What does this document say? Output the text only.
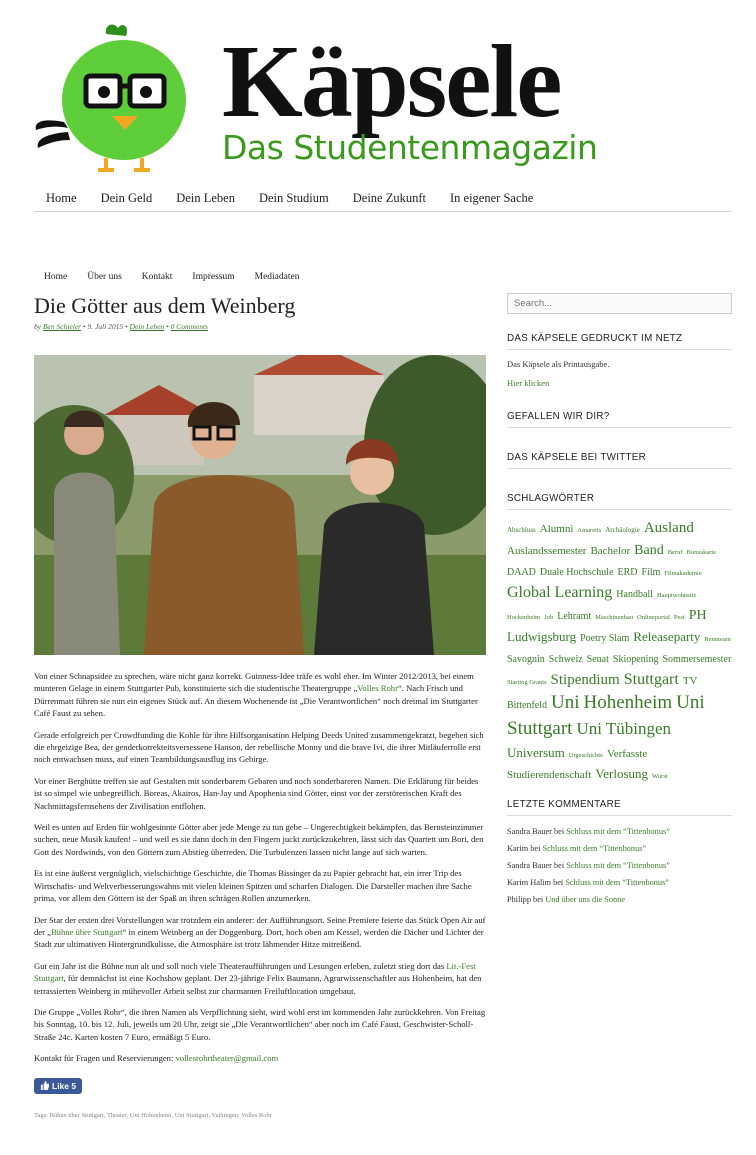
Käpsele
Das Studentenmagazin
Home	Dein Geld	Dein Leben	Dein Studium	Deine Zukunft	In eigener Sache
Home	Über uns	Kontakt	Impressum	Mediadaten
Die Götter aus dem Weinberg
by Ben Schieler • 9. Juli 2015 • Dein Leben • 0 Comments

Von einer Schnapsidee zu sprechen, wäre nicht ganz korrekt. Guinness-Idee träfe es wohl eher. Im Winter 2012/2013, bei einem munteren Gelage in einem Stuttgarter Pub, konstituierte sich die studentische Theatergruppe „Volles Rohr“. Nach Frisch und Dürrenmatt führen sie nun ein eigenes Stück auf. An diesem Wochenende ist „Die Verantwortlichen“ noch dreimal im Stuttgarter Café Faust zu sehen.

Gerade erfolgreich per Crowdfunding die Kohle für ihre Hilfsorganisation Helping Deeds United zusammengekratzt, begeben sich die ehrgeizige Bea, der genderkorrekteitsversessene Hanson, der rebellische Monny und die brave Ivi, die ihrer Mitläuferrolle erst noch entwachsen muss, auf einen Teambildungsausflug ins Gebirge.

Vor einer Berghütte treffen sie auf Gestalten mit sonderbarem Gebaren und noch sonderbareren Namen. Die Erklärung für beides ist so simpel wie unbegreiflich. Boreas, Akairos, Han-Jay und Apophenia sind Götter, einst vor der zerstörerischen Kraft des Nachmittagsfernsehens der Zivilisation entflohen.

Weil es unten auf Erden für wohlgesinnte Götter aber jede Menge zu tun gebe – Ungerechtigkeit bekämpfen, das Bernsteinzimmer suchen, neue Musik kaufen! – und weil es sie dann doch in den Fingern juckt zurückzukehren, lässt sich das Quartett um Bori, den Gott des Nordwinds, von den Göttern zum Abstieg überreden. Die Turbulenzen lassen nicht lange auf sich warten.

Es ist eine äußerst vergnüglich, vielschichtige Geschichte, die Thomas Bissinger da zu Papier gebracht hat, ein irrer Trip des Wirtschafts- und Weltverbesserungswahns mit vielen kleinen Spitzen und scharfen Dialogen. Die Darsteller machen ihre Sache prima, vor allem den Göttern ist der Spaß an ihren schrägen Rollen anzumerken.

Der Star der ersten drei Vorstellungen war trotzdem ein anderer: der Aufführungsort. Seine Premiere feierte das Stück Open Air auf der „Bühne über Stuttgart“ in einem Weinberg an der Doggenburg. Dort, hoch oben am Kessel, werden die Dächer und Lichter der Stadt zur ultimativen Hintergrundkulisse, die Atmosphäre ist trotz lähmender Hitze mitreißend.

Gut ein Jahr ist die Bühne nun alt und soll noch viele Theateraufführungen und Lesungen erleben, zuletzt stieg dort das Lit.-Fest Stuttgart, für demnächst ist eine Kochshow geplant. Der 23-jährige Felix Baumann, Agrarwissenschaftler aus Hohenheim, hat den terrassierten Weinberg in mühevoller Arbeit selbst zur charmanten Freiluftlocation umgebaut.

Die Gruppe „Volles Rohr“, die ihren Namen als Verpflichtung sieht, wird wohl erst im kommenden Jahr zurückkehren. Von Freitag bis Sonntag, 10. bis 12. Juli, jeweils um 20 Uhr, zeigt sie „Die Verantwortlichen“ aber noch im Café Faust, Geschwister-Scholl-Straße 24c. Karten kosten 7 Euro, ermäßigt 5 Euro.

Kontakt für Fragen und Reservierungen: vollesrohrtheater@gmail.com

Like 5
Tags: Bühne über Stuttgart, Theater, Uni Hohenheim, Uni Stuttgart, Vaihingen, Volles Rohr
Search...
DAS KÄPSELE GEDRUCKT IM NETZ
Das Käpsele als Printausgabe.
Hier klicken
GEFALLEN WIR DIR?
DAS KÄPSELE BEI TWITTER
SCHLAGWÖRTER
Abschluss Alumni Amaretis Archäologie Ausland Auslandssemester Bachelor Band Beruf Bonuskarte DAAD Duale Hochschule ERD Film Filmakademie Global Learning Handball Hauptwohnsitz Hockenheim Job Lehramt Maschinenbau Onlineportal Pest PH Ludwigsburg Poetry Slam Releaseparty Rennteam Savognin Schweiz Senat Skiopening Sommersemester Starting Grants Stipendium Stuttgart TV Bittenfeld Uni Hohenheim Uni Stuttgart Uni Tübingen Universum Urgeschichte Verfasste Studierendenschaft Verlosung Wurst
LETZTE KOMMENTARE
Sandra Bauer bei Schluss mit dem “Tittenbonus”
Karim bei Schluss mit dem “Tittenbonus”
Sandra Bauer bei Schluss mit dem “Tittenbonus”
Karim Halim bei Schluss mit dem “Tittenbonus”
Philipp bei Und über uns die Sonne
